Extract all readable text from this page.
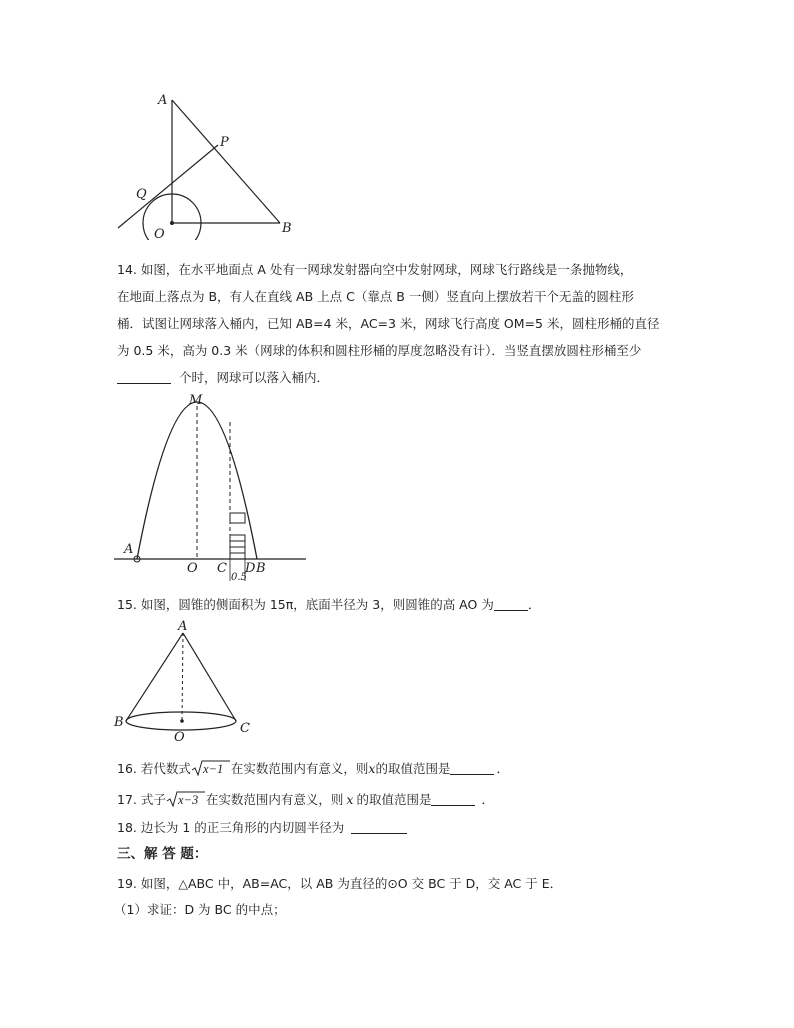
A
P
Q
O	B
14. 如图，在水平地面点 A 处有一网球发射器向空中发射网球，网球飞行路线是一条抛物线，
在地面上落点为 B，有人在直线 AB 上点 C（靠点 B 一侧）竖直向上摆放若干个无盖的圆柱形
桶．试图让网球落入桶内，已知 AB=4 米，AC=3 米，网球飞行高度 OM=5 米，圆柱形桶的直径
为 0.5 米，高为 0.3 米（网球的体积和圆柱形桶的厚度忽略没有计）．当竖直摆放圆柱形桶至少
个时，网球可以落入桶内．
M
A
O C D B
0.5
15. 如图，圆锥的侧面积为 15π，底面半径为 3，则圆锥的高 AO 为	．
A
B	C
O
16. 若代数式 x−1 在实数范围内有意义，则x的取值范围是	．
17. 式子 x−3 在实数范围内有意义，则 x 的取值范围是	．
18. 边长为 1 的正三角形的内切圆半径为
三、解 答 题：
19. 如图，△ABC 中，AB=AC，以 AB 为直径的⊙O 交 BC 于 D，交 AC 于 E．
（1）求证：D 为 BC 的中点；
